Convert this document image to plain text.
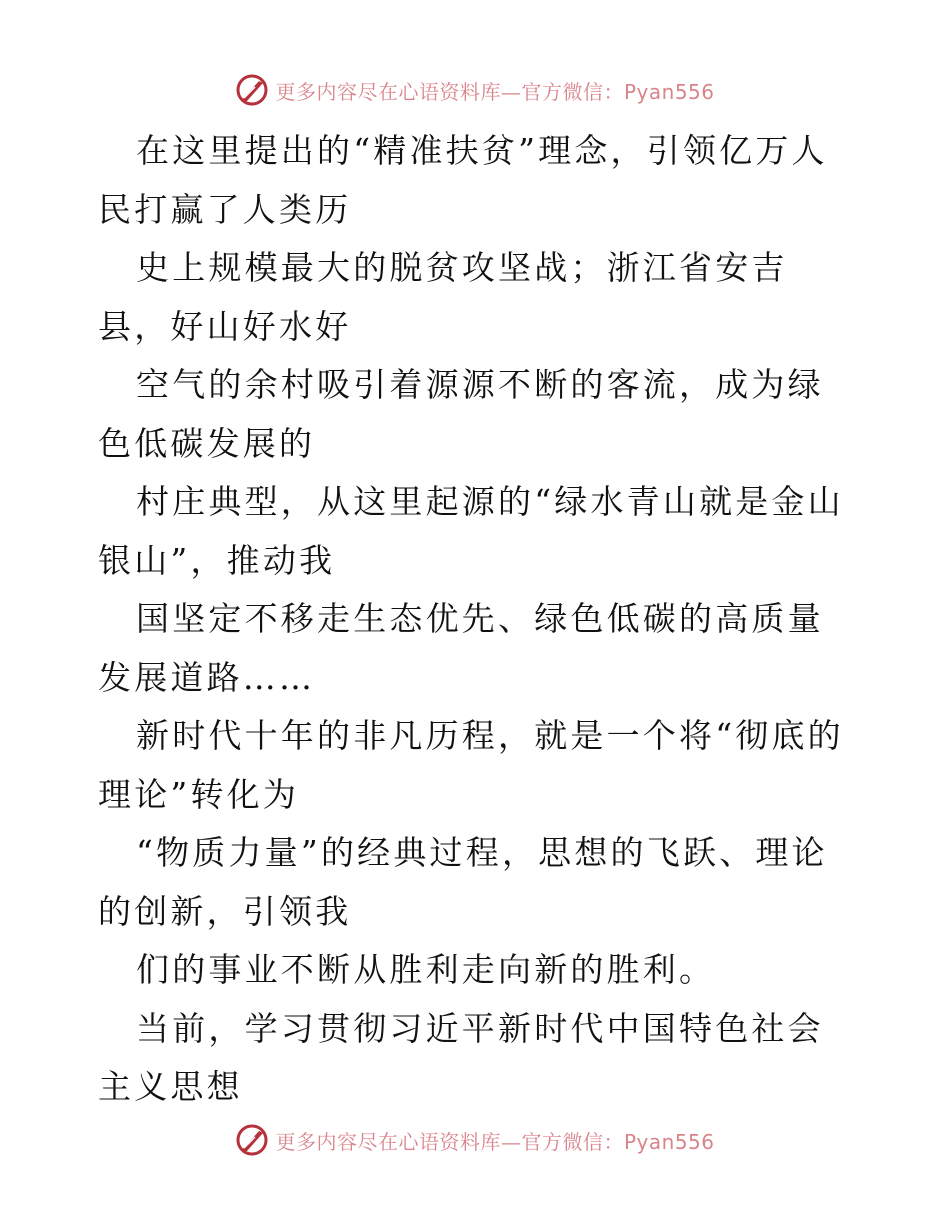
更多内容尽在心语资料库—官方微信：Pyan556

在这里提出的“精准扶贫”理念，引领亿万人民打赢了人类历

史上规模最大的脱贫攻坚战；浙江省安吉县，好山好水好

空气的余村吸引着源源不断的客流，成为绿色低碳发展的

村庄典型，从这里起源的“绿水青山就是金山银山”，推动我

国坚定不移走生态优先、绿色低碳的高质量发展道路……

新时代十年的非凡历程，就是一个将“彻底的理论”转化为

“物质力量”的经典过程，思想的飞跃、理论的创新，引领我

们的事业不断从胜利走向新的胜利。

当前，学习贯彻习近平新时代中国特色社会主义思想

更多内容尽在心语资料库—官方微信：Pyan556
